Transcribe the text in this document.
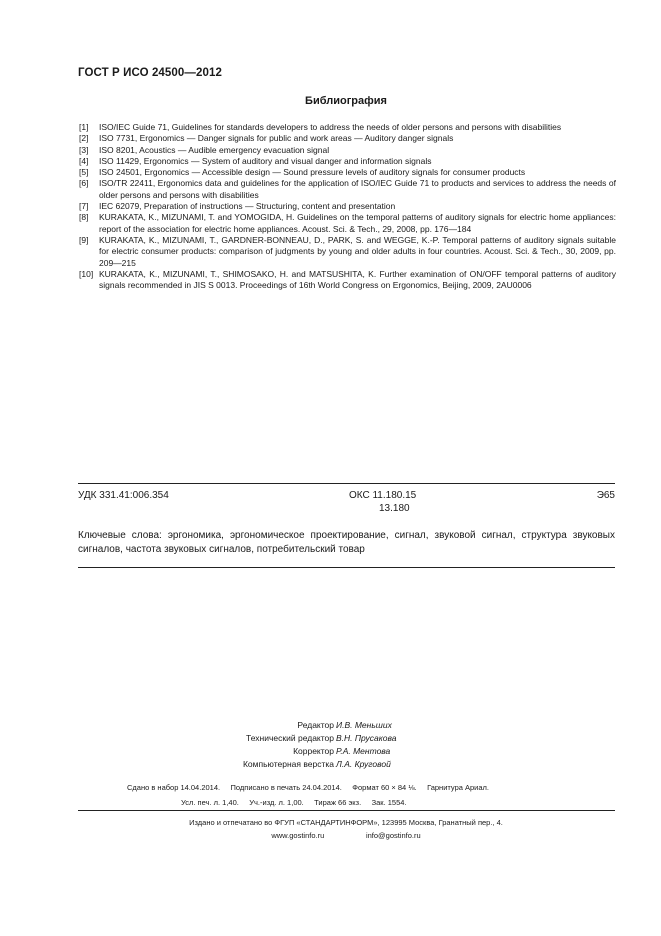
ГОСТ Р ИСО 24500—2012
Библиография
[1]	ISO/IEC Guide 71, Guidelines for standards developers to address the needs of older persons and persons with disabilities
[2]	ISO 7731, Ergonomics — Danger signals for public and work areas — Auditory danger signals
[3]	ISO 8201, Acoustics — Audible emergency evacuation signal
[4]	ISO 11429, Ergonomics — System of auditory and visual danger and information signals
[5]	ISO 24501, Ergonomics — Accessible design — Sound pressure levels of auditory signals for consumer products
[6]	ISO/TR 22411, Ergonomics data and guidelines for the application of ISO/IEC Guide 71 to products and services to address the needs of older persons and persons with disabilities
[7]	IEC 62079, Preparation of instructions — Structuring, content and presentation
[8]	KURAKATA, K., MIZUNAMI, T. and YOMOGIDA, H. Guidelines on the temporal patterns of auditory signals for electric home appliances: report of the association for electric home appliances. Acoust. Sci. & Tech., 29, 2008, pp. 176—184
[9]	KURAKATA, K., MIZUNAMI, T., GARDNER-BONNEAU, D., PARK, S. and WEGGE, K.-P. Temporal patterns of auditory signals suitable for electric consumer products: comparison of judgments by young and older adults in four countries. Acoust. Sci. & Tech., 30, 2009, pp. 209—215
[10] KURAKATA, K., MIZUNAMI, T., SHIMOSAKO, H. and MATSUSHITA, K. Further examination of ON/OFF temporal patterns of auditory signals recommended in JIS S 0013. Proceedings of 16th World Congress on Ergonomics, Beijing, 2009, 2AU0006
УДК 331.41:006.354	ОКС 11.180.15
13.180
Э65
Ключевые слова: эргономика, эргономическое проектирование, сигнал, звуковой сигнал, структура звуковых сигналов, частота звуковых сигналов, потребительский товар
Редактор И.В. Меньших
Технический редактор В.Н. Прусакова
Корректор Р.А. Ментова
Компьютерная верстка Л.А. Круговой
Сдано в набор 14.04.2014.     Подписано в печать 24.04.2014.     Формат 60 × 84 ⅛.     Гарнитура Ариал.
Усл. печ. л. 1,40.     Уч.-изд. л. 1,00.     Тираж 66 экз.     Зак. 1554.
Издано и отпечатано во ФГУП «СТАНДАРТИНФОРМ», 123995 Москва, Гранатный пер., 4.
www.gostinfo.ru                    info@gostinfo.ru
